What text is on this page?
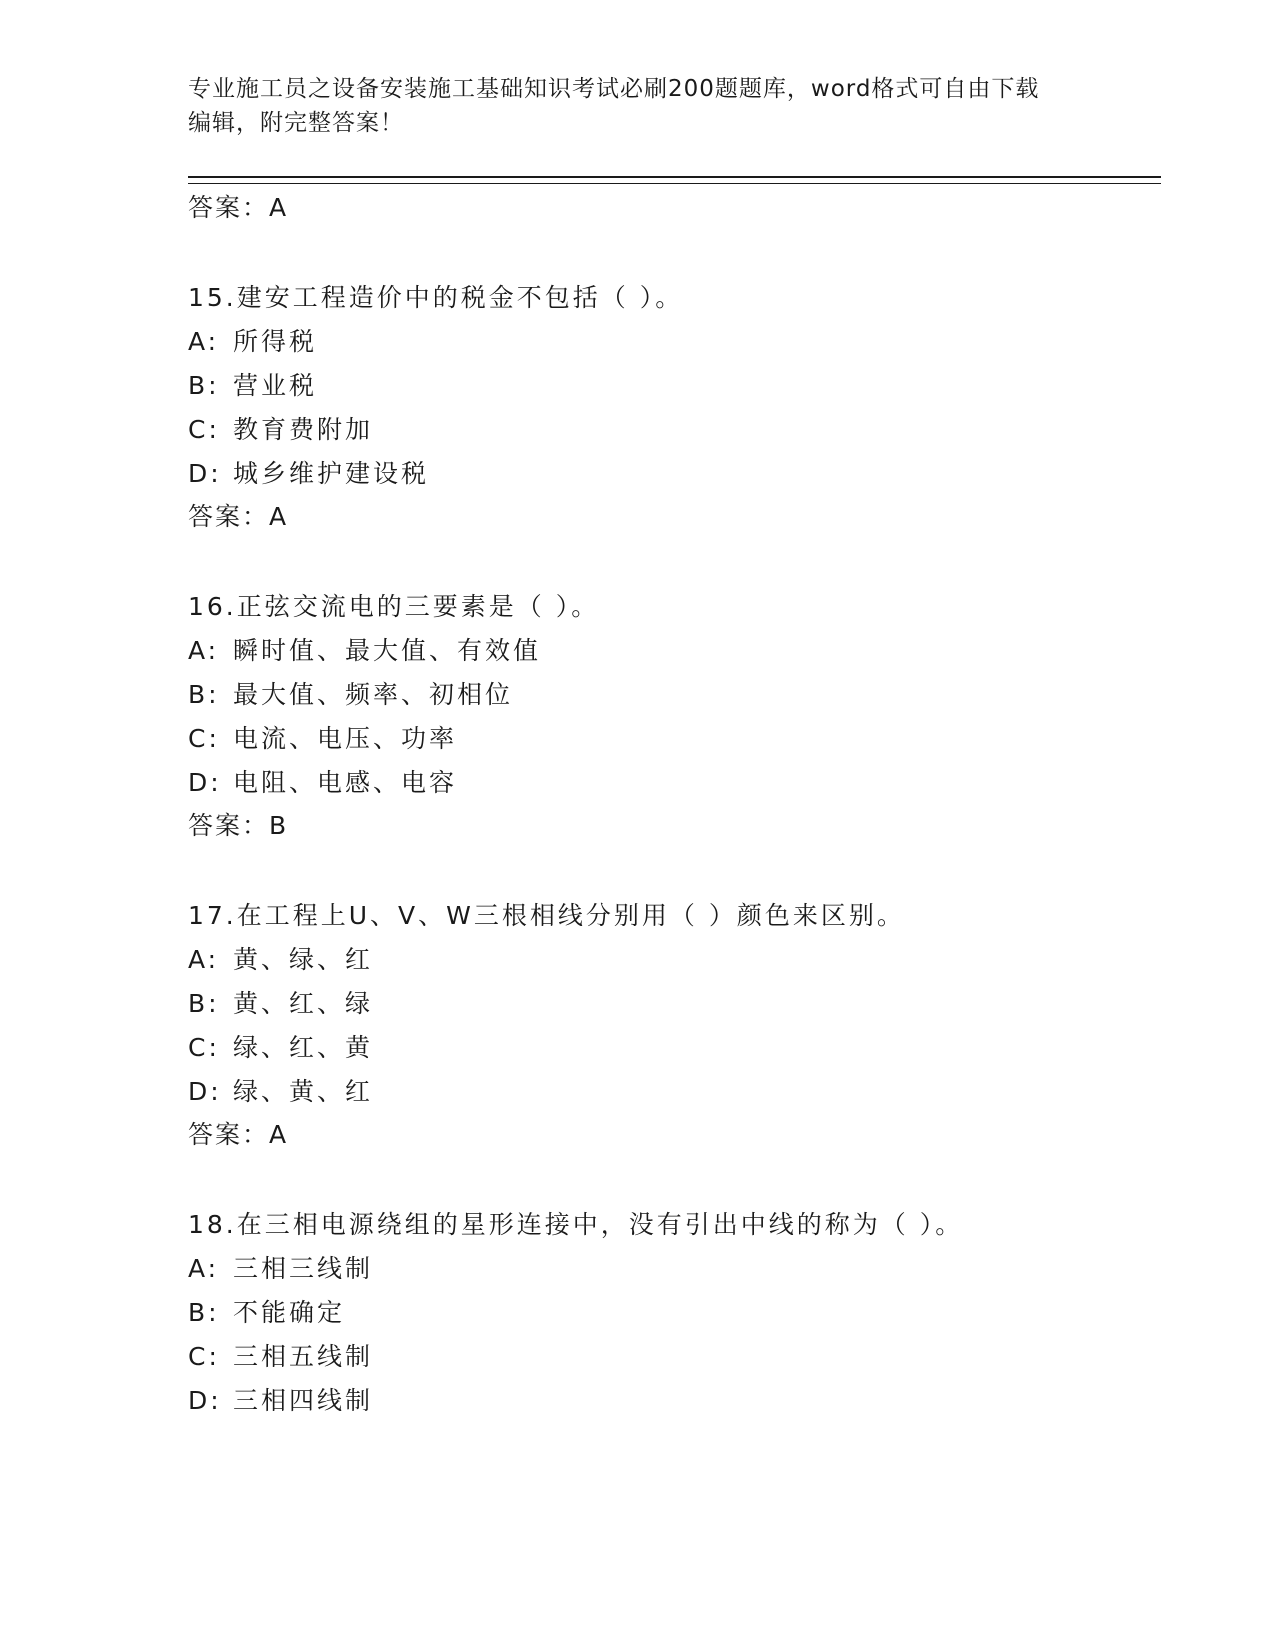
专业施工员之设备安装施工基础知识考试必刷200题题库，word格式可自由下载
编辑，附完整答案！
答案：A
15.建安工程造价中的税金不包括（ ）。
A: 所得税
B: 营业税
C: 教育费附加
D: 城乡维护建设税
答案：A
16.正弦交流电的三要素是（ ）。
A: 瞬时值、最大值、有效值
B: 最大值、频率、初相位
C: 电流、电压、功率
D: 电阻、电感、电容
答案：B
17.在工程上U、V、W三根相线分别用（ ）颜色来区别。
A: 黄、绿、红
B: 黄、红、绿
C: 绿、红、黄
D: 绿、黄、红
答案：A
18.在三相电源绕组的星形连接中，没有引出中线的称为（ ）。
A: 三相三线制
B: 不能确定
C: 三相五线制
D: 三相四线制
